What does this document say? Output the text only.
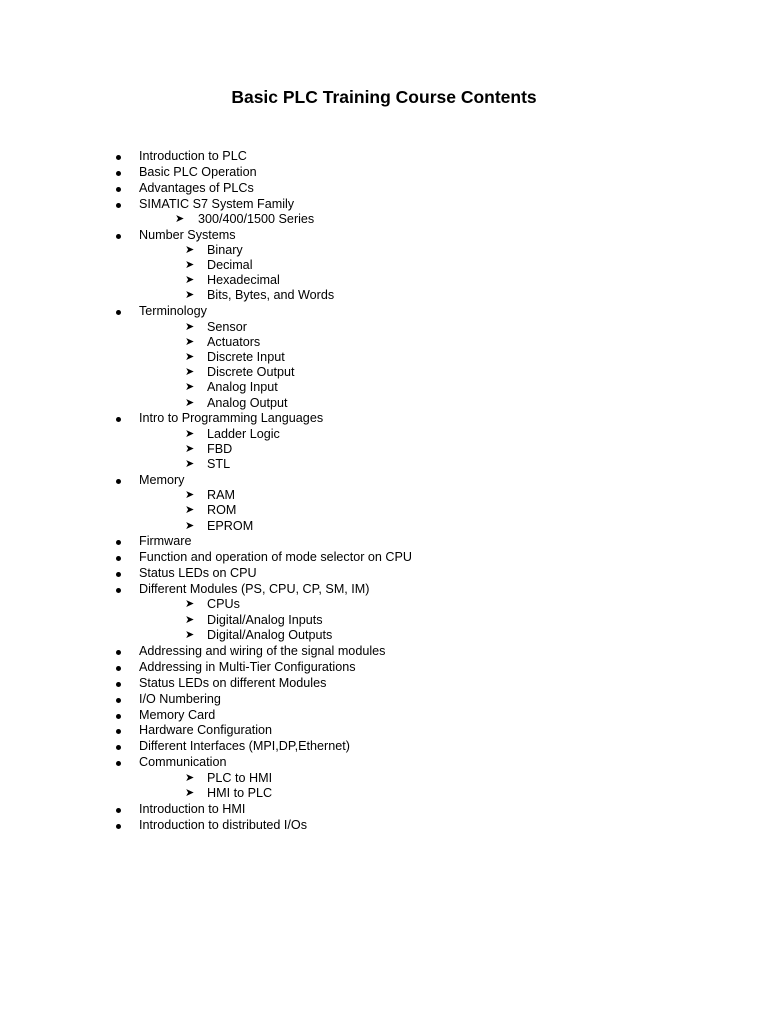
Basic PLC Training Course Contents
Introduction to PLC
Basic PLC Operation
Advantages of PLCs
SIMATIC S7 System Family
➤ 300/400/1500 Series
Number Systems
➤ Binary
➤ Decimal
➤ Hexadecimal
➤ Bits, Bytes, and Words
Terminology
➤ Sensor
➤ Actuators
➤ Discrete Input
➤ Discrete Output
➤ Analog Input
➤ Analog Output
Intro to Programming Languages
➤ Ladder Logic
➤ FBD
➤ STL
Memory
➤ RAM
➤ ROM
➤ EPROM
Firmware
Function and operation of mode selector on CPU
Status LEDs on CPU
Different Modules (PS, CPU, CP, SM, IM)
➤ CPUs
➤ Digital/Analog Inputs
➤ Digital/Analog Outputs
Addressing and wiring of the signal modules
Addressing in Multi-Tier Configurations
Status LEDs on different Modules
I/O Numbering
Memory Card
Hardware Configuration
Different Interfaces (MPI,DP,Ethernet)
Communication
➤ PLC to HMI
➤ HMI to PLC
Introduction to HMI
Introduction to distributed I/Os
